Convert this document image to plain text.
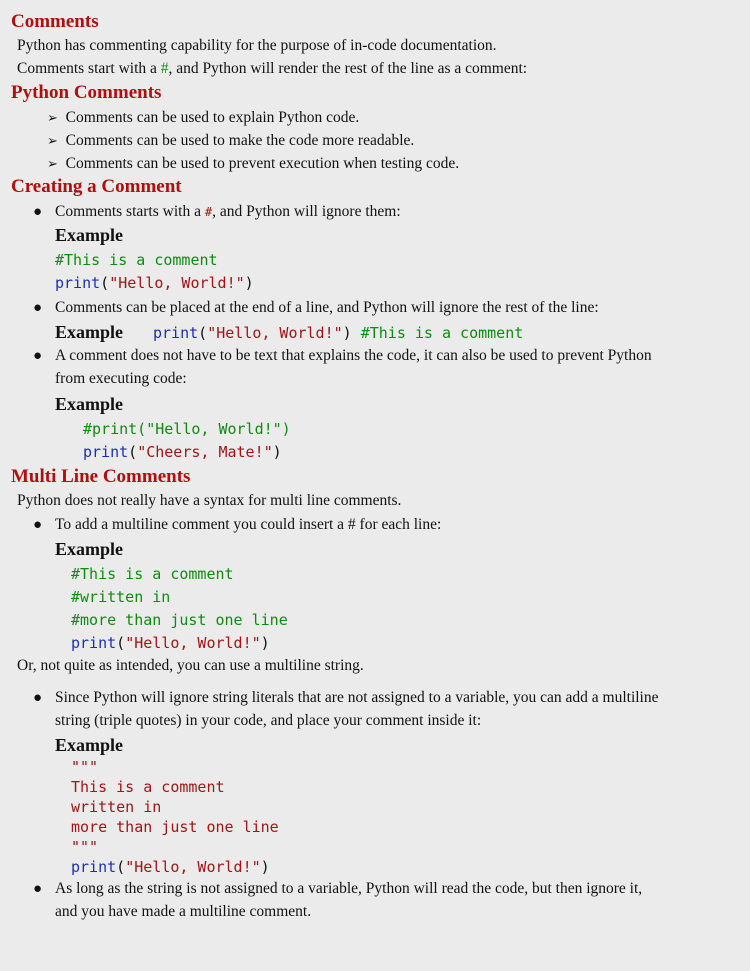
Comments
Python has commenting capability for the purpose of in-code documentation.
Comments start with a #, and Python will render the rest of the line as a comment:
Python Comments
➢ Comments can be used to explain Python code.
➢ Comments can be used to make the code more readable.
➢ Comments can be used to prevent execution when testing code.
Creating a Comment
● Comments starts with a #, and Python will ignore them:
Example
#This is a comment
print("Hello, World!")
● Comments can be placed at the end of a line, and Python will ignore the rest of the line:
Example print("Hello, World!") #This is a comment
● A comment does not have to be text that explains the code, it can also be used to prevent Python
from executing code:
Example
#print("Hello, World!")
print("Cheers, Mate!")
Multi Line Comments
Python does not really have a syntax for multi line comments.
● To add a multiline comment you could insert a # for each line:
Example
#This is a comment
#written in
#more than just one line
print("Hello, World!")
Or, not quite as intended, you can use a multiline string.
● Since Python will ignore string literals that are not assigned to a variable, you can add a multiline
string (triple quotes) in your code, and place your comment inside it:
Example
"""
This is a comment
written in
more than just one line
"""
print("Hello, World!")
● As long as the string is not assigned to a variable, Python will read the code, but then ignore it,
and you have made a multiline comment.
